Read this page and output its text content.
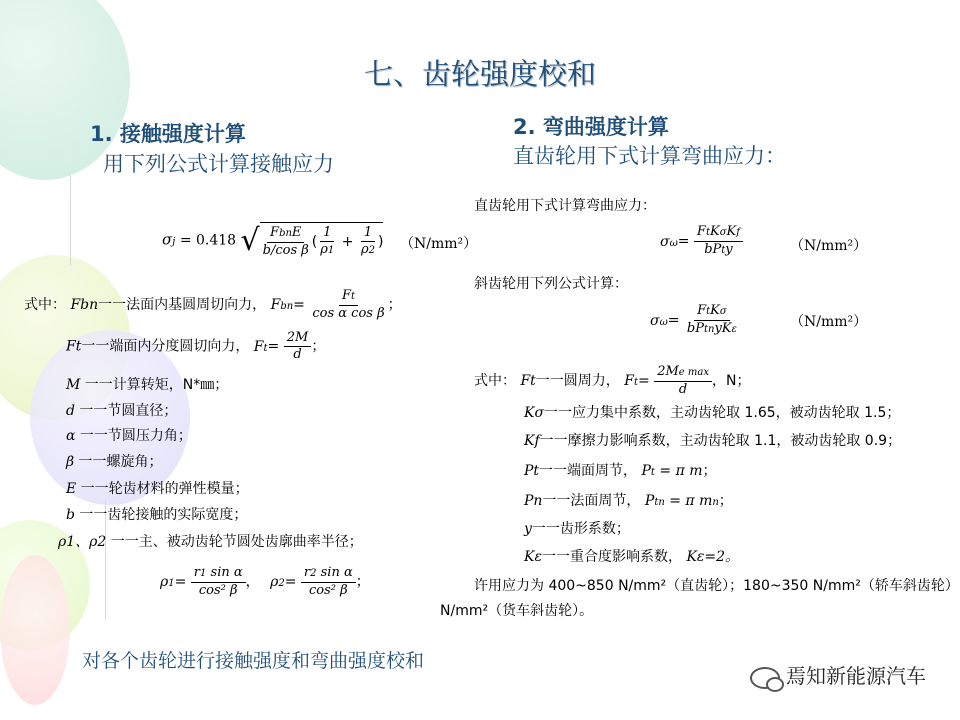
七、齿轮强度校和
1. 接触强度计算
用下列公式计算接触应力
σj = 0.418 √ $\frac{\text{FbnE}}{\text{b/cos β}}$ ( $\frac{1}{\rho 1} + \frac{1}{\rho 2}$ ) （N/mm²）
式中： Fbn一一法面内基圆周切向力， $Fbn= \frac{Ft}{\text{cos α cos β}}$ ；
Ft一一端面内分度圆切向力， $Ft= \frac{2M}{d}$ ；
M 一一计算转矩，N*㎜；
d 一一节圆直径；
α 一一节圆压力角；
β 一一螺旋角；
E 一一轮齿材料的弹性模量；
b 一一齿轮接触的实际宽度；
ρ1、ρ2 一一主、被动齿轮节圆处齿廓曲率半径；
$\rho 1= \frac{\text{r1 sin α}}{\text{cos² β}}$ ， $\rho 2= \frac{\text{r2 sin α}}{\text{cos² β}}$ ；
2. 弯曲强度计算
直齿轮用下式计算弯曲应力：
直齿轮用下式计算弯曲应力：
$\sigma\omega= \frac{\text{FtKσKf}}{\text{bPty}}$	（N/mm²）
斜齿轮用下列公式计算：
$\sigma\omega= \frac{\text{FtKσ}}{\text{bPtnyKε}}$	（N/mm²）
式中： Ft一一圆周力， $Ft= \frac{\text{2Me max}}{d}$ ，N；
Kσ一一应力集中系数，主动齿轮取 1.65，被动齿轮取 1.5；
Kf一一摩擦力影响系数，主动齿轮取 1.1，被动齿轮取 0.9；
Pt一一端面周节， Pt = π m；
Pn一一法面周节， Ptn = π mn；
y一一齿形系数；
Kε一一重合度影响系数， Kε=2。
许用应力为 400~850 N/mm²（直齿轮）；180~350 N/mm²（轿车斜齿轮）
N/mm²（货车斜齿轮）。
对各个齿轮进行接触强度和弯曲强度校和
焉知新能源汽车
